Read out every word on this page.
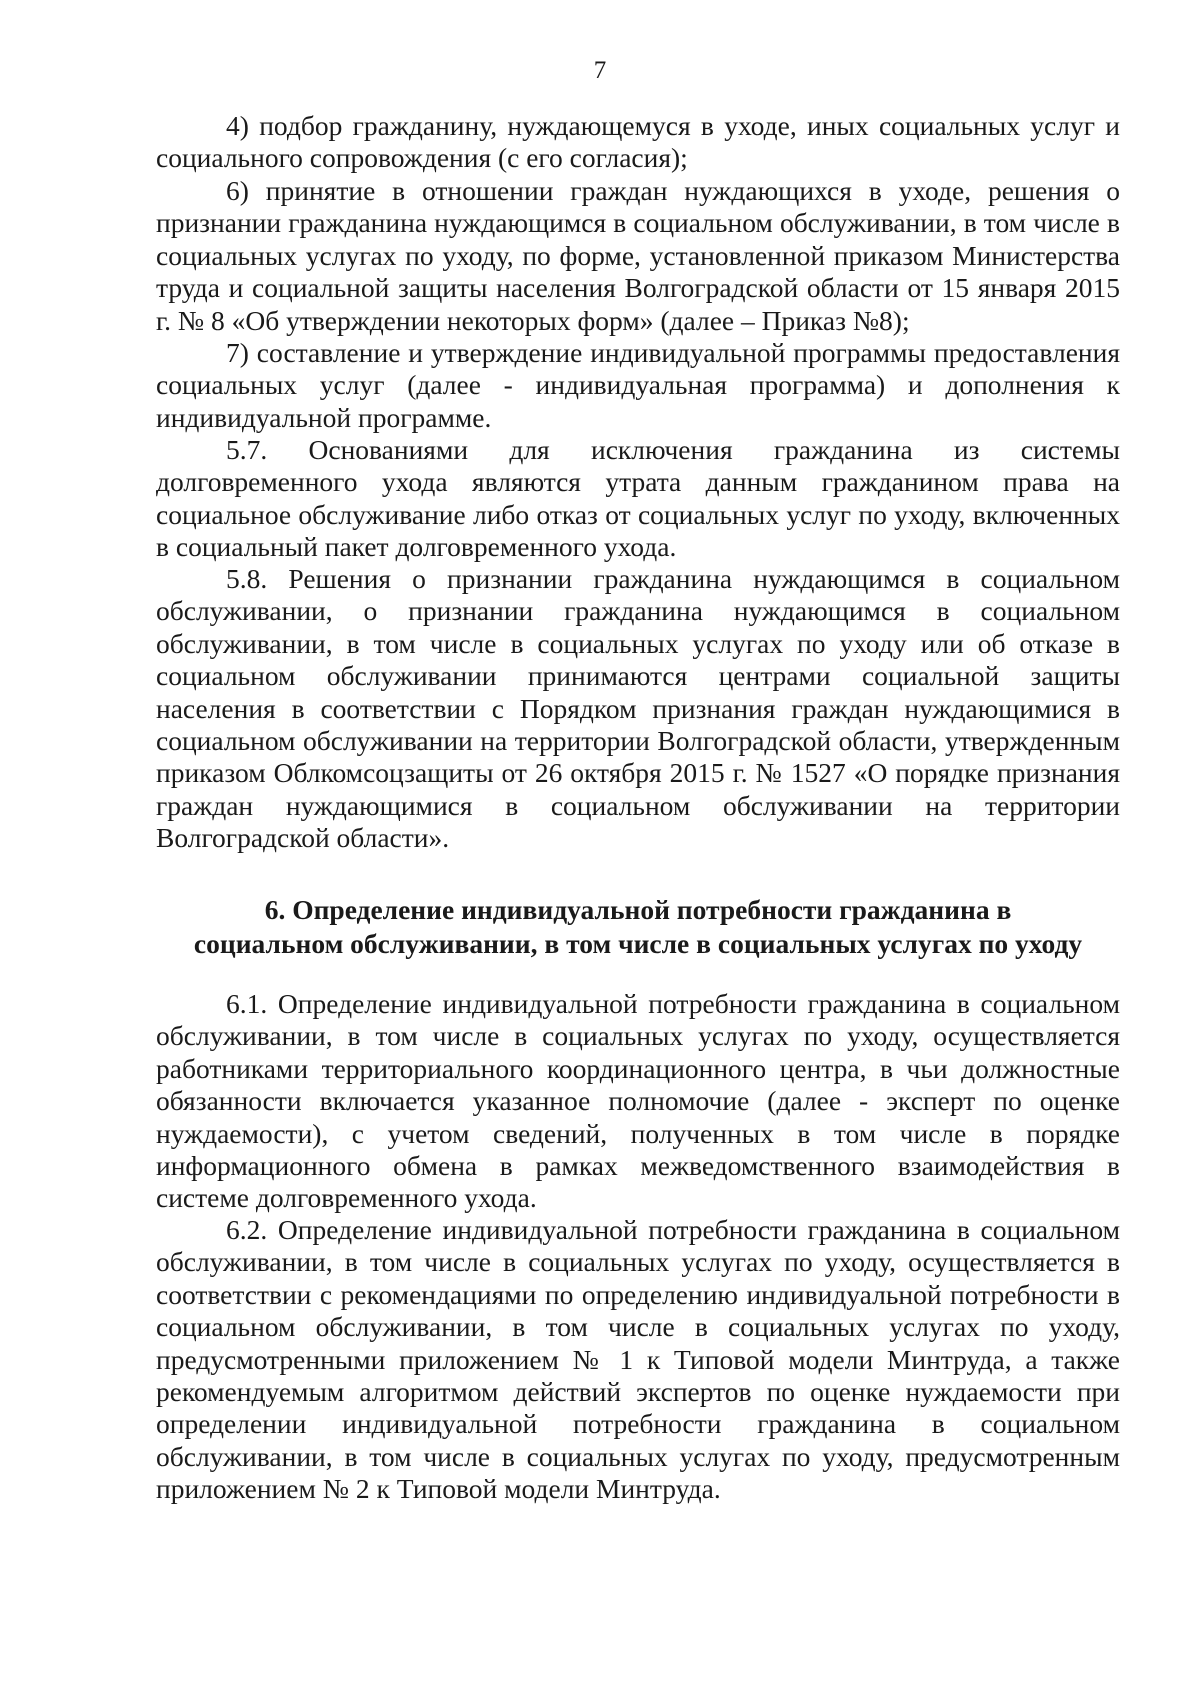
7

4) подбор гражданину, нуждающемуся в уходе, иных социальных услуг и социального сопровождения (с его согласия);

6) принятие в отношении граждан нуждающихся в уходе, решения о признании гражданина нуждающимся в социальном обслуживании, в том числе в социальных услугах по уходу, по форме, установленной приказом Министерства труда и социальной защиты населения Волгоградской области от 15 января 2015 г. № 8 «Об утверждении некоторых форм» (далее – Приказ №8);

7) составление и утверждение индивидуальной программы предоставления социальных услуг (далее - индивидуальная программа) и дополнения к индивидуальной программе.

5.7. Основаниями для исключения гражданина из системы долговременного ухода являются утрата данным гражданином права на социальное обслуживание либо отказ от социальных услуг по уходу, включенных в социальный пакет долговременного ухода.

5.8. Решения о признании гражданина нуждающимся в социальном обслуживании, о признании гражданина нуждающимся в социальном обслуживании, в том числе в социальных услугах по уходу или об отказе в социальном обслуживании принимаются центрами социальной защиты населения в соответствии с Порядком признания граждан нуждающимися в социальном обслуживании на территории Волгоградской области, утвержденным приказом Облкомсоцзащиты от 26 октября 2015 г. № 1527 «О порядке признания граждан нуждающимися в социальном обслуживании на территории Волгоградской области».

6. Определение индивидуальной потребности гражданина в
социальном обслуживании, в том числе в социальных услугах по уходу

6.1. Определение индивидуальной потребности гражданина в социальном обслуживании, в том числе в социальных услугах по уходу, осуществляется работниками территориального координационного центра, в чьи должностные обязанности включается указанное полномочие (далее - эксперт по оценке нуждаемости), с учетом сведений, полученных в том числе в порядке информационного обмена в рамках межведомственного взаимодействия в системе долговременного ухода.

6.2. Определение индивидуальной потребности гражданина в социальном обслуживании, в том числе в социальных услугах по уходу, осуществляется в соответствии с рекомендациями по определению индивидуальной потребности в социальном обслуживании, в том числе в социальных услугах по уходу, предусмотренными приложением № 1 к Типовой модели Минтруда, а также рекомендуемым алгоритмом действий экспертов по оценке нуждаемости при определении индивидуальной потребности гражданина в социальном обслуживании, в том числе в социальных услугах по уходу, предусмотренным приложением № 2 к Типовой модели Минтруда.
